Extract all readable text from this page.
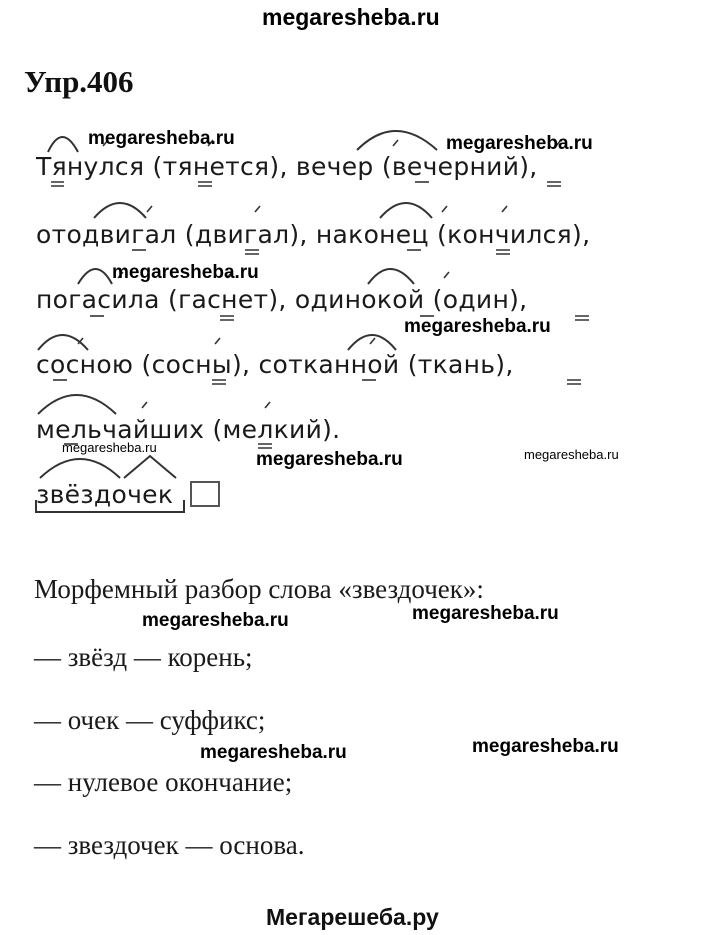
megaresheba.ru
Упр.406
Тянулся (тянется), вечер (вечерний),
отодвигал (двигал), наконец (кончился),
погасила (гаснет), одинокой (один),
сосною (сосны), сотканной (ткань),
мельчайших (мелкий).
звёздочек
megaresheba.ru	megaresheba.ru
megaresheba.ru
megaresheba.ru
megaresheba.ru
megaresheba.ru	megaresheba.ru
Морфемный разбор слова «звездочек»:
megaresheba.ru	megaresheba.ru
— звёзд — корень;
— очек — суффикс;
megaresheba.ru	megaresheba.ru
— нулевое окончание;
— звездочек — основа.
Мегарешеба.ру
